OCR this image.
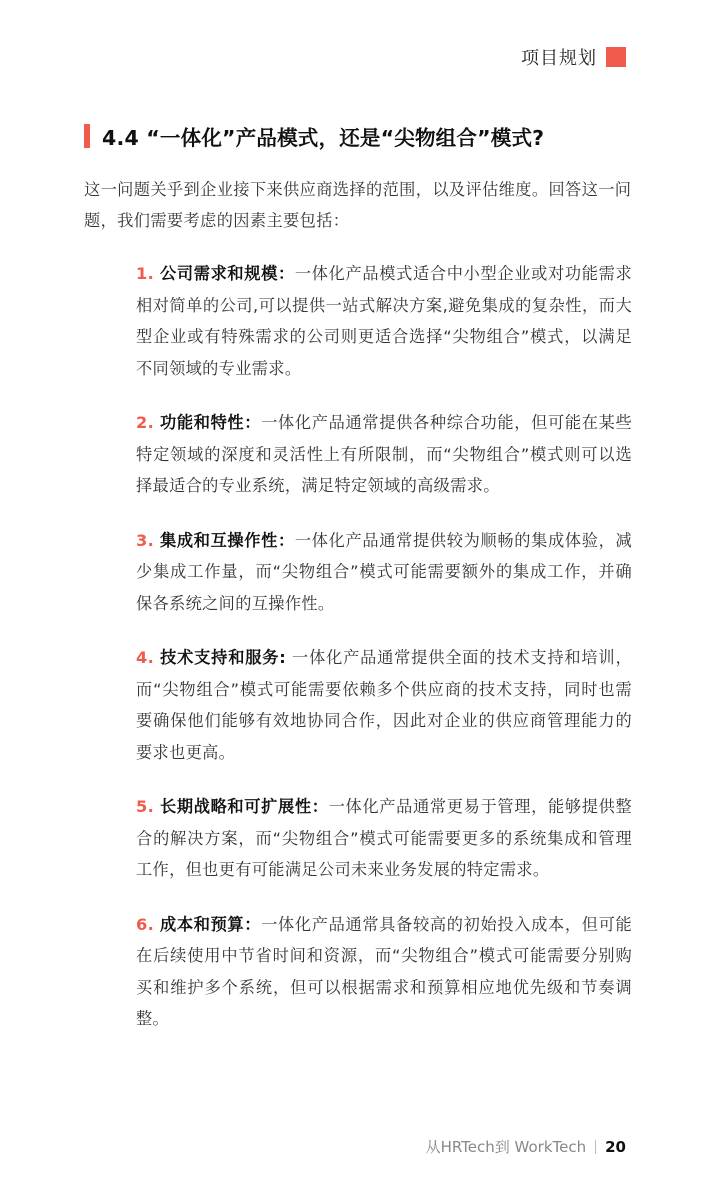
项目规划
4.4 “一体化”产品模式，还是“尖物组合”模式?

这一问题关乎到企业接下来供应商选择的范围，以及评估维度。回答这一问题，我们需要考虑的因素主要包括：

1. 公司需求和规模：一体化产品模式适合中小型企业或对功能需求相对简单的公司,可以提供一站式解决方案,避免集成的复杂性，而大型企业或有特殊需求的公司则更适合选择“尖物组合”模式，以满足不同领域的专业需求。

2. 功能和特性：一体化产品通常提供各种综合功能，但可能在某些特定领域的深度和灵活性上有所限制，而“尖物组合”模式则可以选择最适合的专业系统，满足特定领域的高级需求。

3. 集成和互操作性：一体化产品通常提供较为顺畅的集成体验，减少集成工作量，而“尖物组合”模式可能需要额外的集成工作，并确保各系统之间的互操作性。

4. 技术支持和服务: 一体化产品通常提供全面的技术支持和培训，而“尖物组合”模式可能需要依赖多个供应商的技术支持，同时也需要确保他们能够有效地协同合作，因此对企业的供应商管理能力的要求也更高。

5. 长期战略和可扩展性：一体化产品通常更易于管理，能够提供整合的解决方案，而“尖物组合”模式可能需要更多的系统集成和管理工作，但也更有可能满足公司未来业务发展的特定需求。

6. 成本和预算：一体化产品通常具备较高的初始投入成本，但可能在后续使用中节省时间和资源，而“尖物组合”模式可能需要分别购买和维护多个系统，但可以根据需求和预算相应地优先级和节奏调整。

从HRTech到 WorkTech 20
